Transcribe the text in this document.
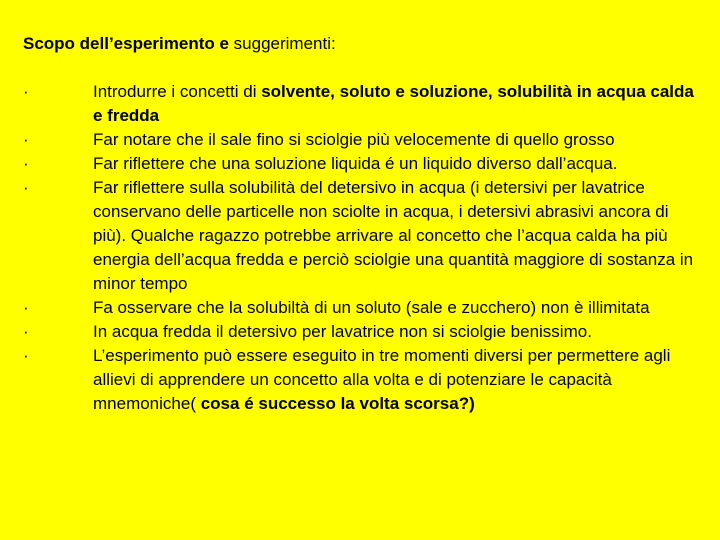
Scopo dell’esperimento e suggerimenti:
·	Introdurre i concetti di solvente, soluto e soluzione, solubilità in acqua calda e fredda
·	Far notare che il sale fino si sciolgie più velocemente di quello grosso
·	Far riflettere che una soluzione liquida é un liquido diverso dall’acqua.
·	Far riflettere sulla solubilità del detersivo in acqua (i detersivi per lavatrice conservano delle particelle non sciolte in acqua, i detersivi abrasivi ancora di più). Qualche ragazzo potrebbe arrivare al concetto che l’acqua calda ha più energia dell’acqua fredda e perciò sciolgie una quantità maggiore di sostanza in minor tempo
·	Fa osservare che la solubiltà di un soluto (sale e zucchero) non è illimitata
·	In acqua fredda il detersivo per lavatrice non si sciolgie benissimo.
·	L’esperimento può essere eseguito in tre momenti diversi per permettere agli allievi di apprendere un concetto alla volta e di potenziare le capacità mnemoniche( cosa é successo la volta scorsa?)
